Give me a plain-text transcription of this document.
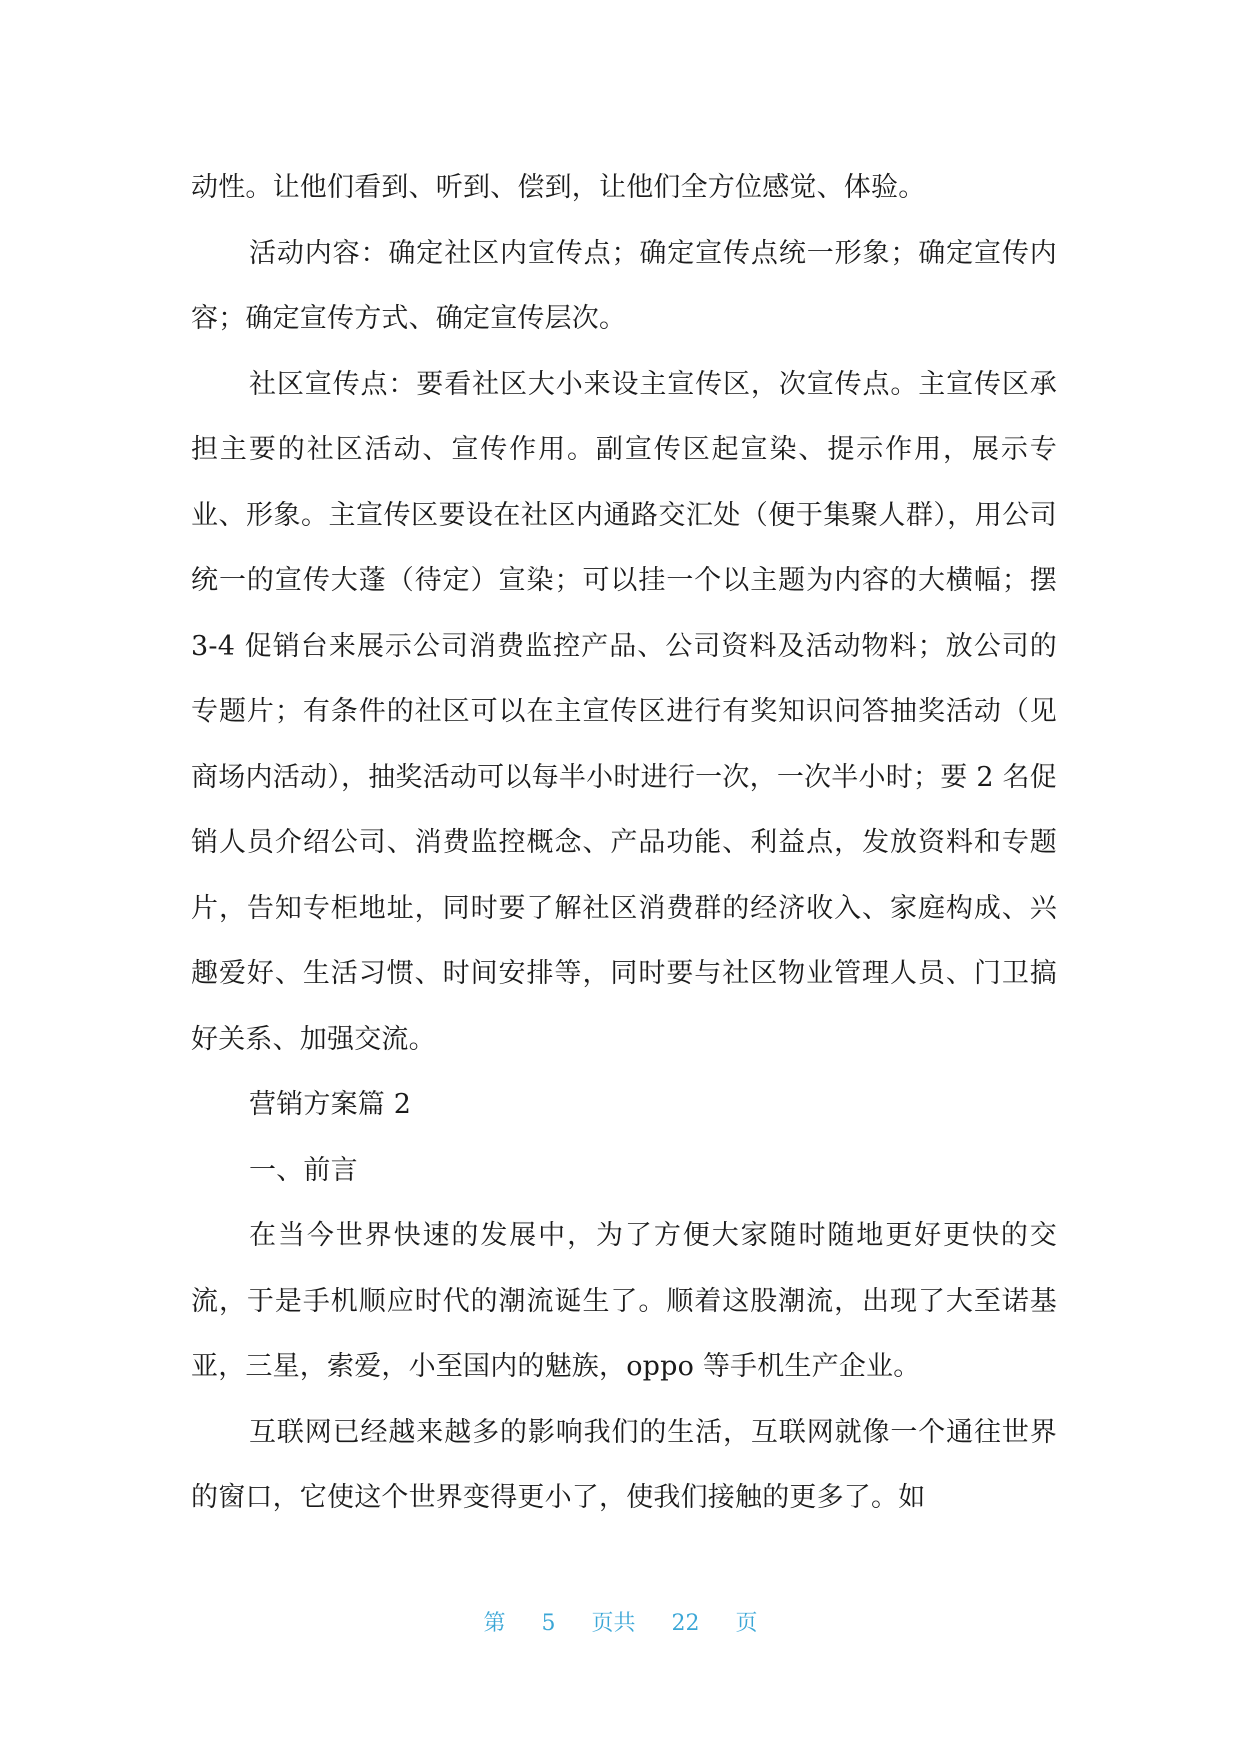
动性。让他们看到、听到、偿到，让他们全方位感觉、体验。

活动内容：确定社区内宣传点；确定宣传点统一形象；确定宣传内容；确定宣传方式、确定宣传层次。

社区宣传点：要看社区大小来设主宣传区，次宣传点。主宣传区承担主要的社区活动、宣传作用。副宣传区起宣染、提示作用，展示专业、形象。主宣传区要设在社区内通路交汇处（便于集聚人群），用公司统一的宣传大蓬（待定）宣染；可以挂一个以主题为内容的大横幅；摆 3-4 促销台来展示公司消费监控产品、公司资料及活动物料；放公司的专题片；有条件的社区可以在主宣传区进行有奖知识问答抽奖活动（见商场内活动），抽奖活动可以每半小时进行一次，一次半小时；要 2 名促销人员介绍公司、消费监控概念、产品功能、利益点，发放资料和专题片，告知专柜地址，同时要了解社区消费群的经济收入、家庭构成、兴趣爱好、生活习惯、时间安排等，同时要与社区物业管理人员、门卫搞好关系、加强交流。

营销方案篇 2

一、前言

在当今世界快速的发展中，为了方便大家随时随地更好更快的交流，于是手机顺应时代的潮流诞生了。顺着这股潮流，出现了大至诺基亚，三星，索爱，小至国内的魅族，oppo 等手机生产企业。

互联网已经越来越多的影响我们的生活，互联网就像一个通往世界的窗口，它使这个世界变得更小了，使我们接触的更多了。如

第 5 页共 22 页
